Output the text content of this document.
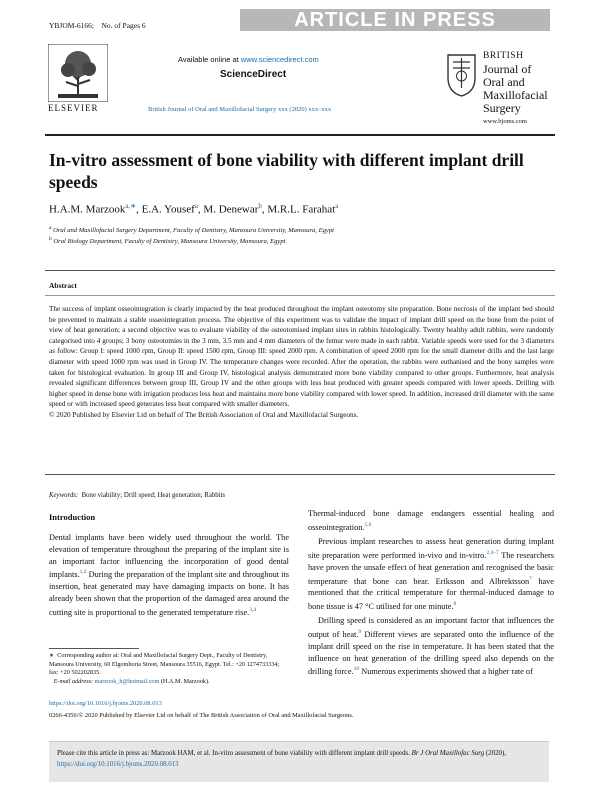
YBJOM-6166; No. of Pages 6	ARTICLE IN PRESS
ELSEVIER
Available online at www.sciencedirect.com
ScienceDirect
British Journal of Oral and Maxillofacial Surgery xxx (2020) xxx–xxx
BRITISH
Journal of
Oral and
Maxillofacial
Surgery
www.bjoms.com
In-vitro assessment of bone viability with different implant drill speeds
H.A.M. Marzook$^{a,∗}$, E.A. Yousef$^a$, M. Denewar$^b$, M.R.L. Farahat$^a$
$^a$ Oral and Maxillofacial Surgery Department, Faculty of Dentistry, Mansoura University, Mansoura, Egypt
$^b$ Oral Biology Department, Faculty of Dentistry, Mansoura University, Mansoura, Egypt
Abstract
The success of implant osseointegration is clearly impacted by the heat produced throughout the implant osteotomy site preparation. Bone necrosis of the implant bed should be prevented to maintain a stable osseointegration process. The objective of this experiment was to validate the impact of implant drill speed on the bone from the point of view of heat generation; a second objective was to evaluate viability of the osteotomised implant sites in rabbits histologically. Twenty healthy adult rabbits, were randomly categorised into 4 groups; 3 bony osteotomies in the 3 mm, 3.5 mm and 4 mm diameters of the femur were made in each rabbit. Variable speeds were used for the 3 diameters as follow: Group I: speed 1000 rpm, Group II: speed 1500 rpm, Group III: speed 2000 rpm. A combination of speed 2000 rpm for the small diameter drills and the last large diameter with speed 1000 rpm was used in Group IV. The temperature changes were recorded. After the operation, the rabbits were euthanised and the bony samples were taken for histological evaluation. In group III and Group IV, histological analysis demonstrated more bone viability compared to other groups. Furthermore, heat analysis revealed significant differences between group III, Group IV and the other groups with less heat produced with greater speeds compared with lower speeds. Drilling with higher speed in dense bone with irrigation produces less heat and maintains more bone viability compared with lower speed. In addition, increased drill diameter with the same speed or with increased speed generates less heat compared with smaller diameters.
© 2020 Published by Elsevier Ltd on behalf of The British Association of Oral and Maxillofacial Surgeons.
Keywords: Bone viability; Drill speed; Heat generation; Rabbits
Introduction
Dental implants have been widely used throughout the world. The elevation of temperature throughout the preparing of the implant site is an important factor influencing the incorporation of good dental implants.$^{1,2}$ During the preparation of the implant site and throughout its insertion, heat generated may have damaging impacts on bone. It has already been shown that the proportion of the damaged area around the cutting site is proportional to the generated temperature rise.$^{3,4}$
Thermal-induced bone damage endangers essential healing and osseointegration.$^{5,6}$
Previous implant researches to assess heat generation during implant site preparation were performed in-vivo and in-vitro.$^{2,4-7}$ The researchers have proven the unsafe effect of heat generation and recognised the basic temperature that bone can bear. Eriksson and Albrektsson$^7$ have mentioned that the critical temperature for thermal-induced damage to bone tissue is 47 °C utilised for one minute.$^8$
Drilling speed is considered as an important factor that influences the output of heat.$^9$ Different views are separated onto the influence of the implant drill speed on the rise in temperature. It has been stated that the influence on heat generation of the drilling speed also depends on the drilling force.$^{10}$ Numerous experiments showed that a higher rate of
∗ Corresponding author at: Oral and Maxillofacial Surgery Dept., Faculty of Dentistry, Mansoura University, 60 Elgomhoria Street, Mansoura 35516, Egypt. Tel.: +20 1274733334; fax: +20 502202835.
E-mail address: marzook_h@hotmail.com (H.A.M. Marzook).
https://doi.org/10.1016/j.bjoms.2020.08.013
0266-4356/© 2020 Published by Elsevier Ltd on behalf of The British Association of Oral and Maxillofacial Surgeons.

Please cite this article in press as: Marzook HAM, et al. In-vitro assessment of bone viability with different implant drill speeds. Br J Oral Maxillofac Surg (2020), https://doi.org/10.1016/j.bjoms.2020.08.013
